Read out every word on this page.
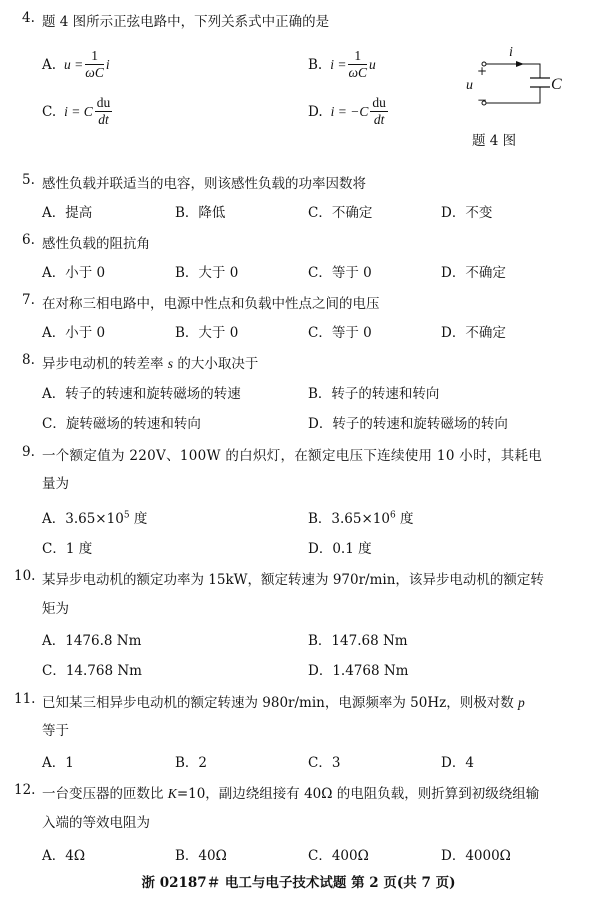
4. 题 4 图所示正弦电路中，下列关系式中正确的是
A. $u = \frac{1}{\omega C}$ i	B. $i = \frac{1}{\omega C}$ u
C. i = C $\frac{du}{dt}$	D. $i = -C \frac{du}{dt}$
i
+
u
−
C
题 4 图
5. 感性负载并联适当的电容，则该感性负载的功率因数将
A．提高	B．降低	C．不确定	D．不变
6. 感性负载的阻抗角
A．小于 0	B．大于 0	C．等于 0	D．不确定
7. 在对称三相电路中，电源中性点和负载中性点之间的电压
A．小于 0	B．大于 0	C．等于 0	D．不确定
8. 异步电动机的转差率 s 的大小取决于
A．转子的转速和旋转磁场的转速	B．转子的转速和转向
C．旋转磁场的转速和转向	D．转子的转速和旋转磁场的转向
9. 一个额定值为 220V、100W 的白炽灯，在额定电压下连续使用 10 小时，其耗电
量为
A．$3.65\times 10^5$ 度	B．$3.65\times 10^6$ 度
C．1 度	D．0.1 度
10. 某异步电动机的额定功率为 15kW，额定转速为 970r/min，该异步电动机的额定转
矩为
A．1476.8 Nm	B．147.68 Nm
C．14.768 Nm	D．1.4768 Nm
11. 已知某三相异步电动机的额定转速为 980r/min，电源频率为 50Hz，则极对数 p
等于
A．1	B．2	C．3	D．4
12. 一台变压器的匝数比 K=10，副边绕组接有 40Ω 的电阻负载，则折算到初级绕组输
入端的等效电阻为
A．4Ω	B．40Ω	C．400Ω	D．4000Ω
浙 02187＃ 电工与电子技术试题 第 2 页(共 7 页)
